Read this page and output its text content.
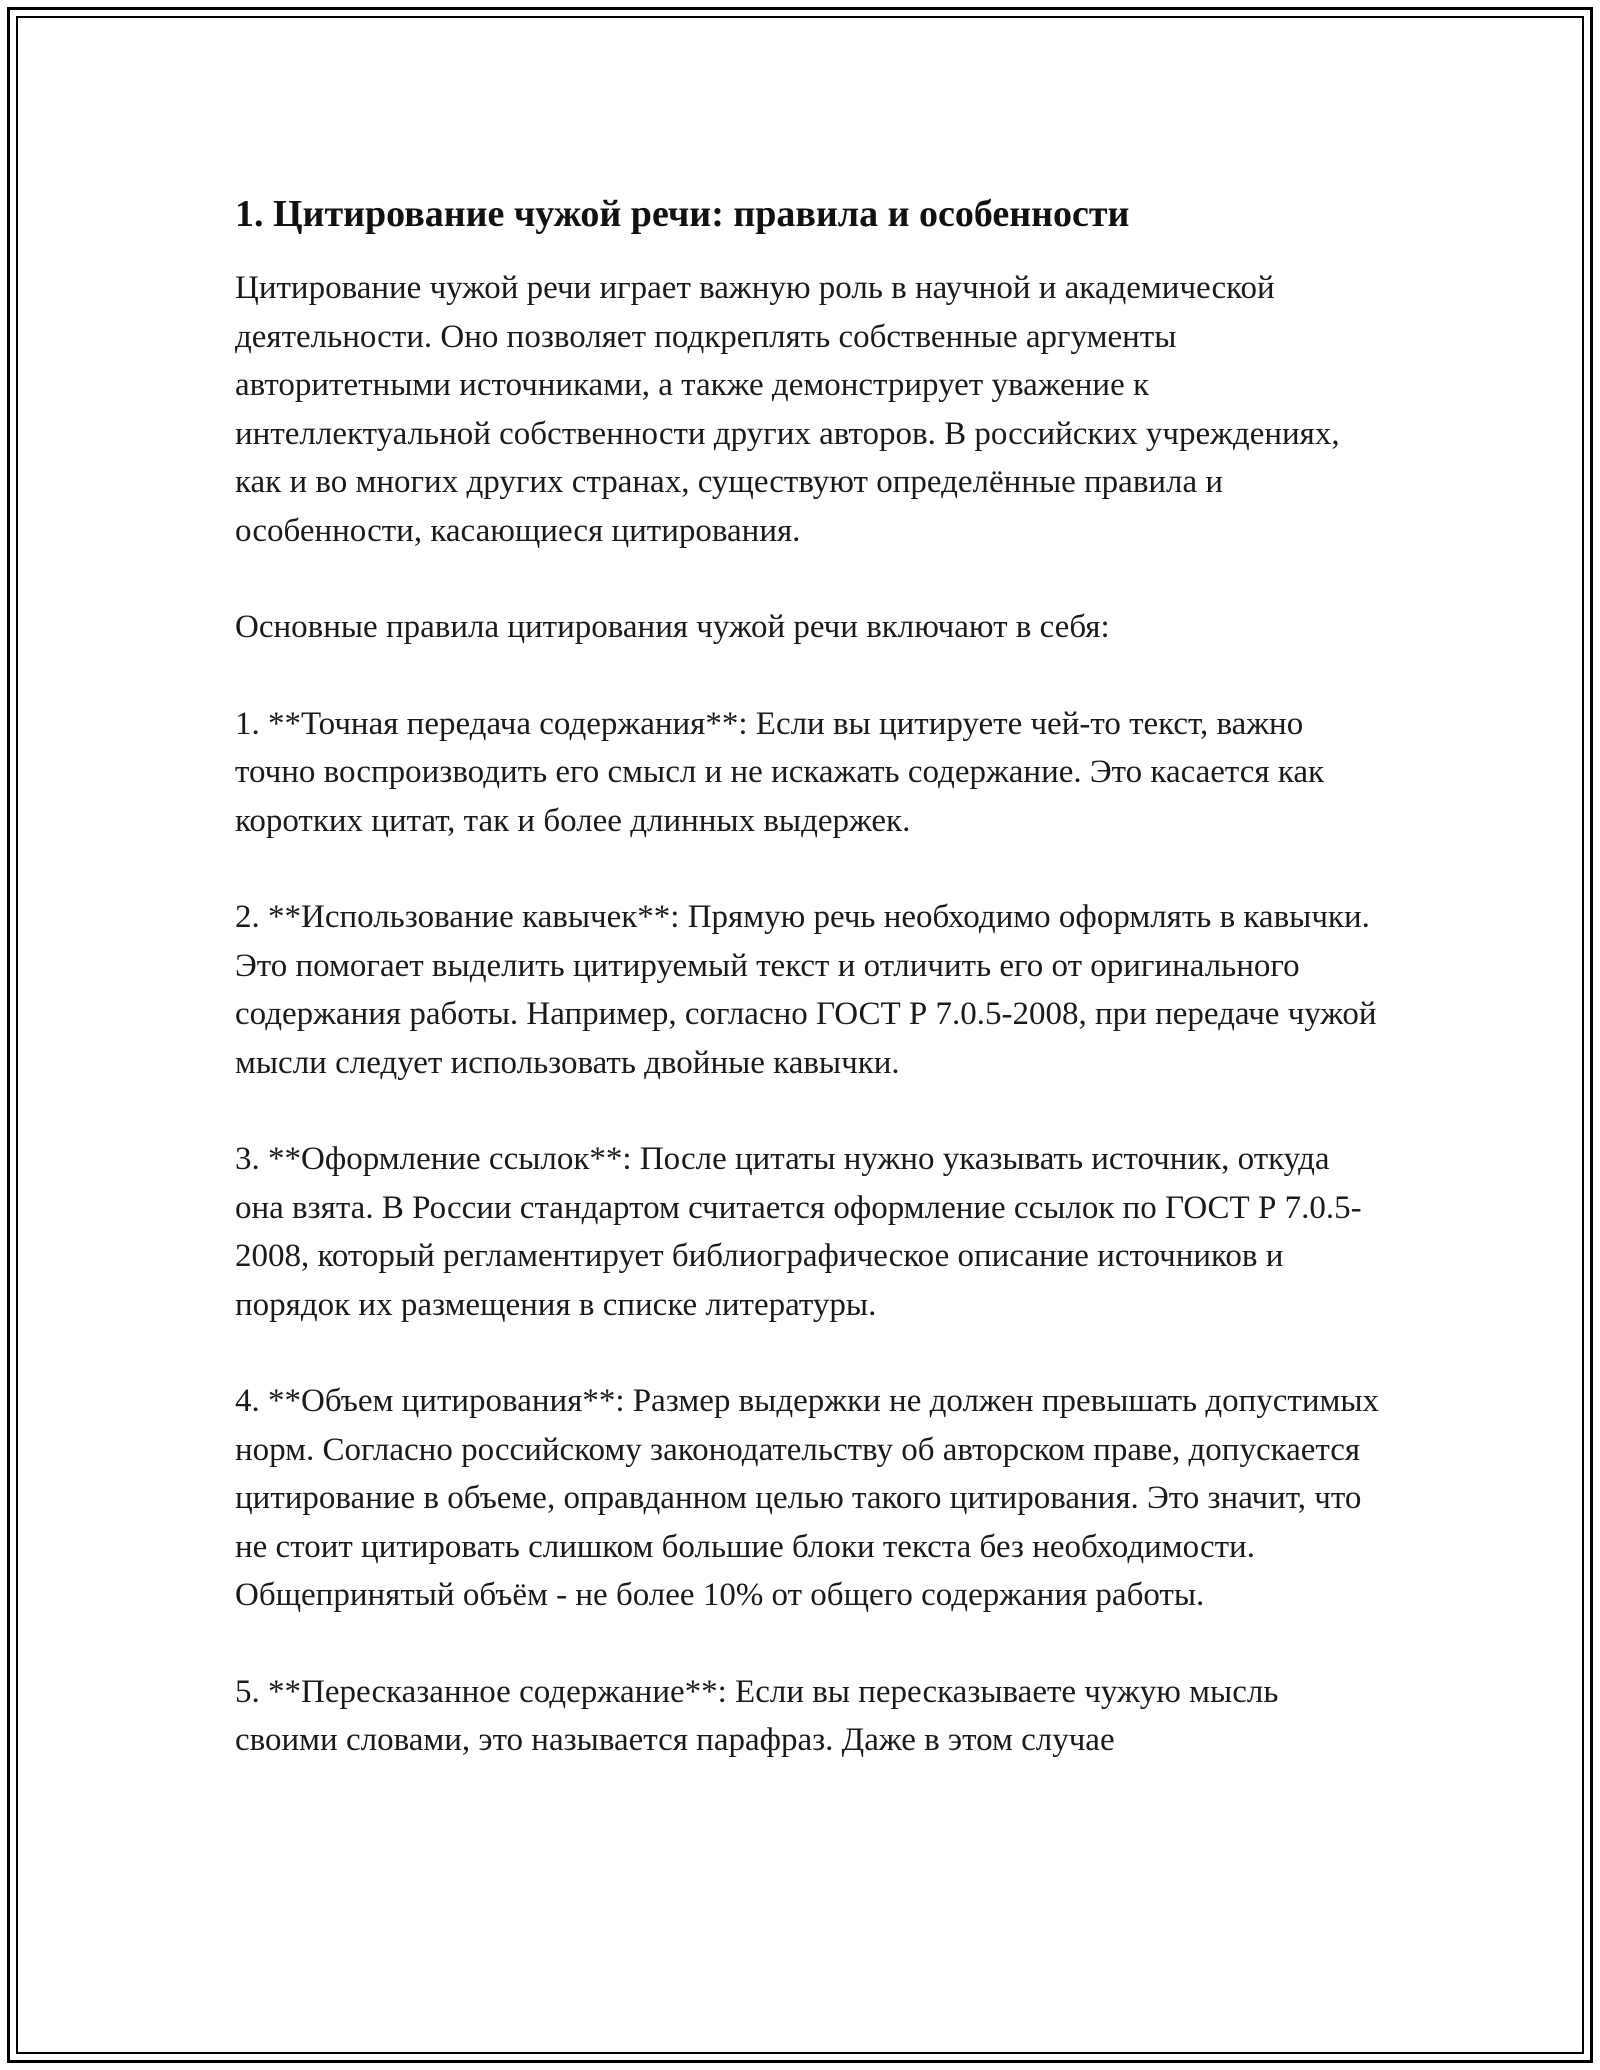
1. Цитирование чужой речи: правила и особенности

Цитирование чужой речи играет важную роль в научной и академической деятельности. Оно позволяет подкреплять собственные аргументы авторитетными источниками, а также демонстрирует уважение к интеллектуальной собственности других авторов. В российских учреждениях, как и во многих других странах, существуют определённые правила и особенности, касающиеся цитирования.

Основные правила цитирования чужой речи включают в себя:

1. **Точная передача содержания**: Если вы цитируете чей-то текст, важно точно воспроизводить его смысл и не искажать содержание. Это касается как коротких цитат, так и более длинных выдержек.

2. **Использование кавычек**: Прямую речь необходимо оформлять в кавычки. Это помогает выделить цитируемый текст и отличить его от оригинального содержания работы. Например, согласно ГОСТ Р 7.0.5-2008, при передаче чужой мысли следует использовать двойные кавычки.

3. **Оформление ссылок**: После цитаты нужно указывать источник, откуда она взята. В России стандартом считается оформление ссылок по ГОСТ Р 7.0.5-2008, который регламентирует библиографическое описание источников и порядок их размещения в списке литературы.

4. **Объем цитирования**: Размер выдержки не должен превышать допустимых норм. Согласно российскому законодательству об авторском праве, допускается цитирование в объеме, оправданном целью такого цитирования. Это значит, что не стоит цитировать слишком большие блоки текста без необходимости. Общепринятый объём - не более 10% от общего содержания работы.

5. **Пересказанное содержание**: Если вы пересказываете чужую мысль своими словами, это называется парафраз. Даже в этом случае
